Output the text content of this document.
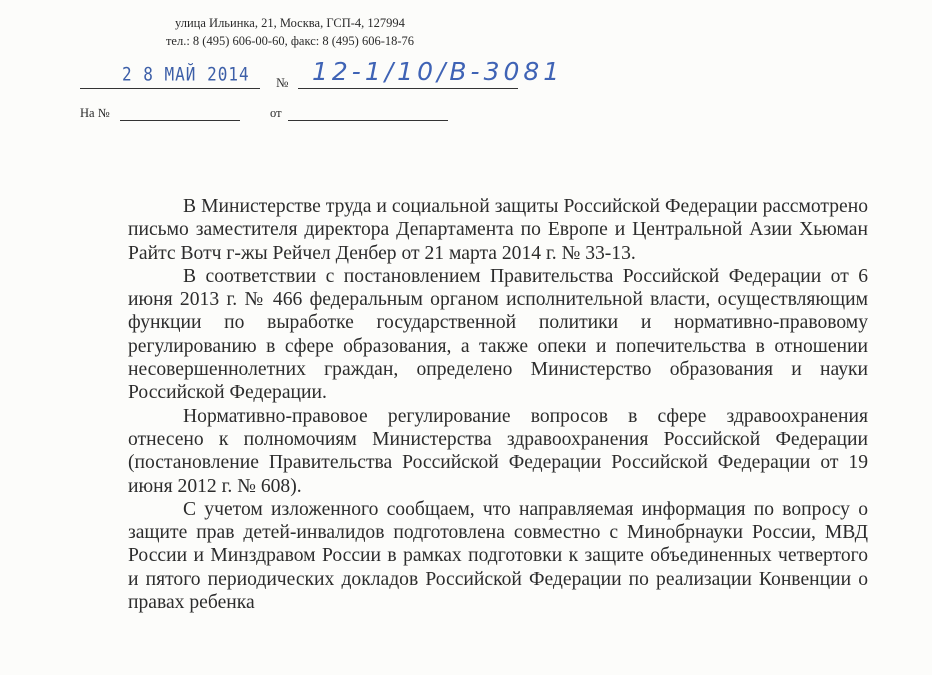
улица Ильинка, 21, Москва, ГСП-4, 127994
тел.: 8 (495) 606-00-60, факс: 8 (495) 606-18-76
2 8 МАЙ 2014 № 12-1/10/В-3081
На №	от

В Министерстве труда и социальной защиты Российской Федерации рассмотрено письмо заместителя директора Департамента по Европе и Центральной Азии Хьюман Райтс Вотч г-жы Рейчел Денбер от 21 марта 2014 г. № 33-13.

В соответствии с постановлением Правительства Российской Федерации от 6 июня 2013 г. № 466 федеральным органом исполнительной власти, осуществляющим функции по выработке государственной политики и нормативно-правовому регулированию в сфере образования, а также опеки и попечительства в отношении несовершеннолетних граждан, определено Министерство образования и науки Российской Федерации.

Нормативно-правовое регулирование вопросов в сфере здравоохранения отнесено к полномочиям Министерства здравоохранения Российской Федерации (постановление Правительства Российской Федерации Российской Федерации от 19 июня 2012 г. № 608).

С учетом изложенного сообщаем, что направляемая информация по вопросу о защите прав детей-инвалидов подготовлена совместно с Минобрнауки России, МВД России и Минздравом России в рамках подготовки к защите объединенных четвертого и пятого периодических докладов Российской Федерации по реализации Конвенции о правах ребенка
